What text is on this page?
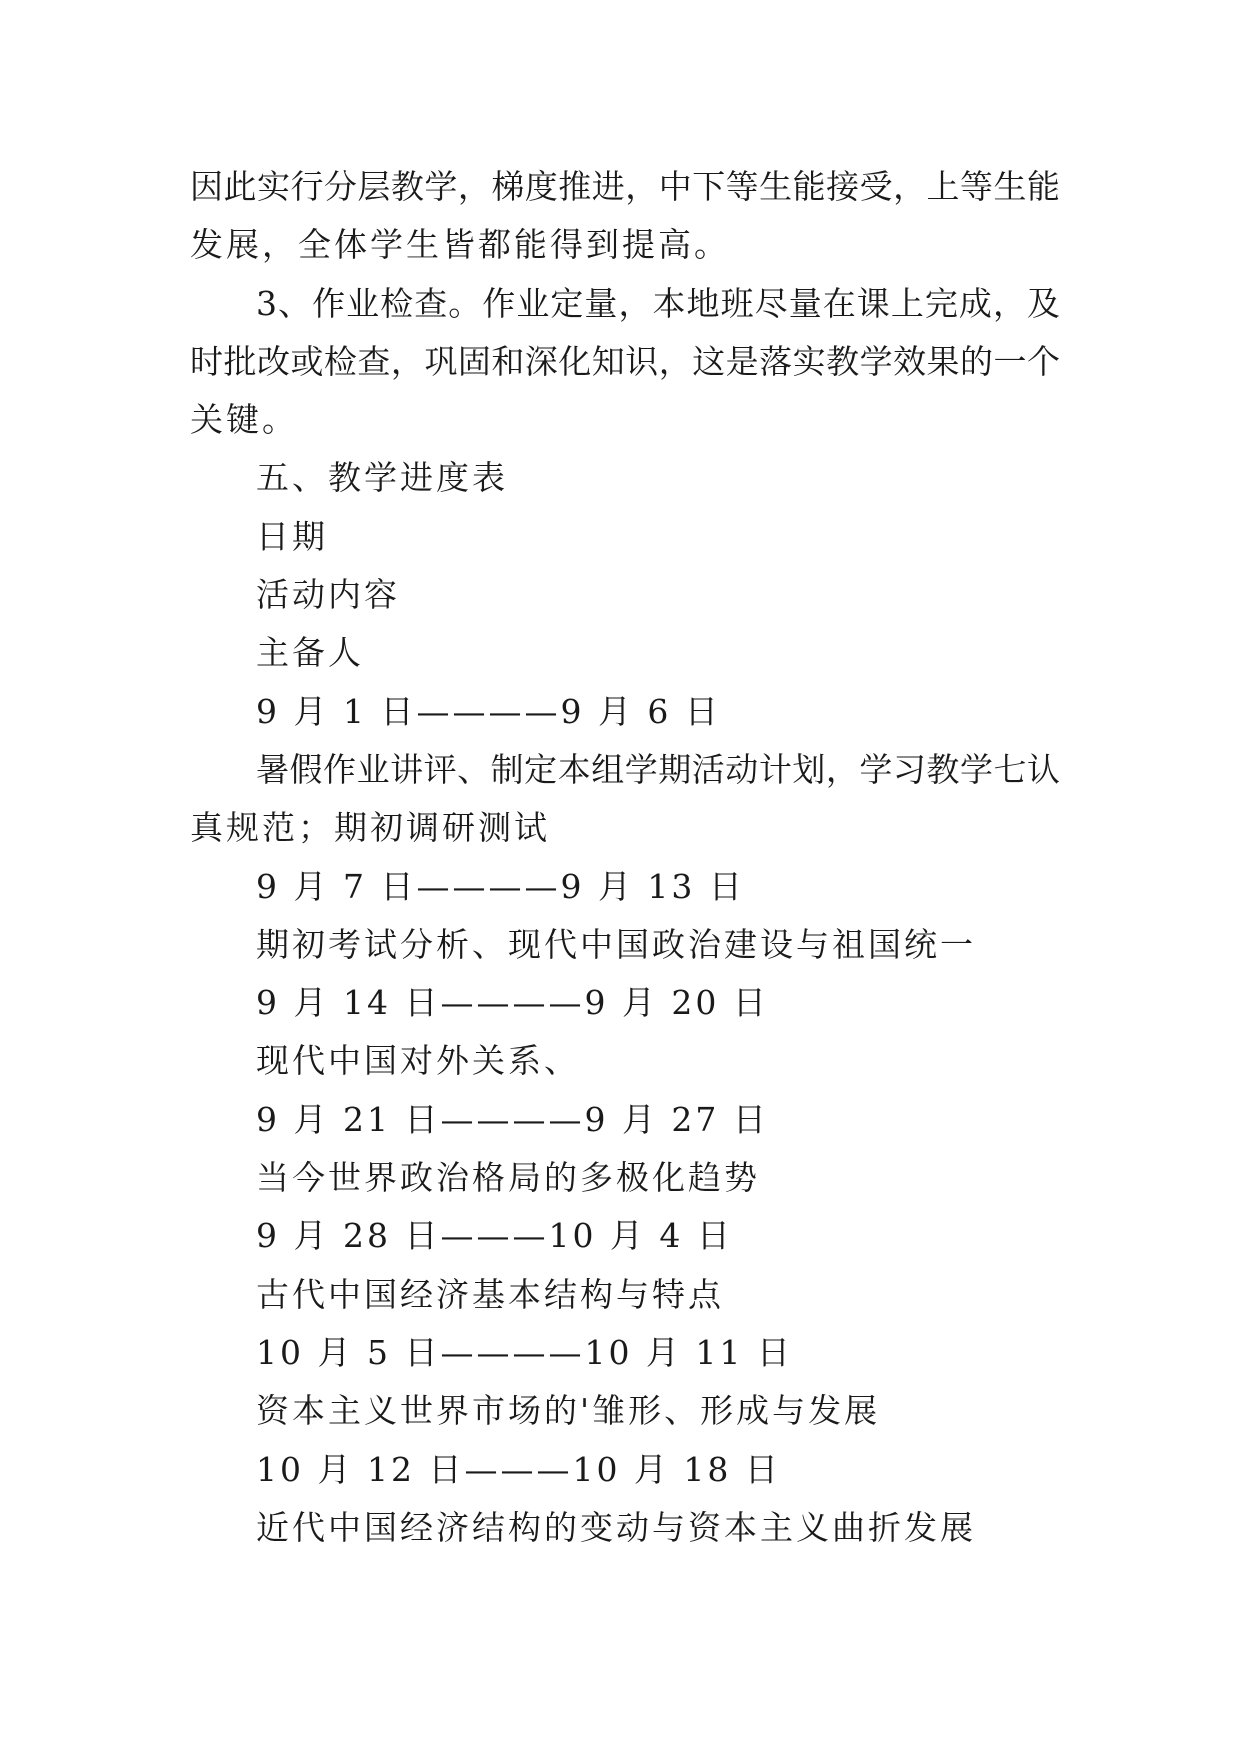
因此实行分层教学，梯度推进，中下等生能接受，上等生能
发展，全体学生皆都能得到提高。
3、作业检查。作业定量，本地班尽量在课上完成，及
时批改或检查，巩固和深化知识，这是落实教学效果的一个
关键。
五、教学进度表
日期
活动内容
主备人
9 月 1 日————9 月 6 日
暑假作业讲评、制定本组学期活动计划，学习教学七认
真规范；期初调研测试
9 月 7 日————9 月 13 日
期初考试分析、现代中国政治建设与祖国统一
9 月 14 日————9 月 20 日
现代中国对外关系、
9 月 21 日————9 月 27 日
当今世界政治格局的多极化趋势
9 月 28 日———10 月 4 日
古代中国经济基本结构与特点
10 月 5 日————10 月 11 日
资本主义世界市场的'雏形、形成与发展
10 月 12 日———10 月 18 日
近代中国经济结构的变动与资本主义曲折发展
